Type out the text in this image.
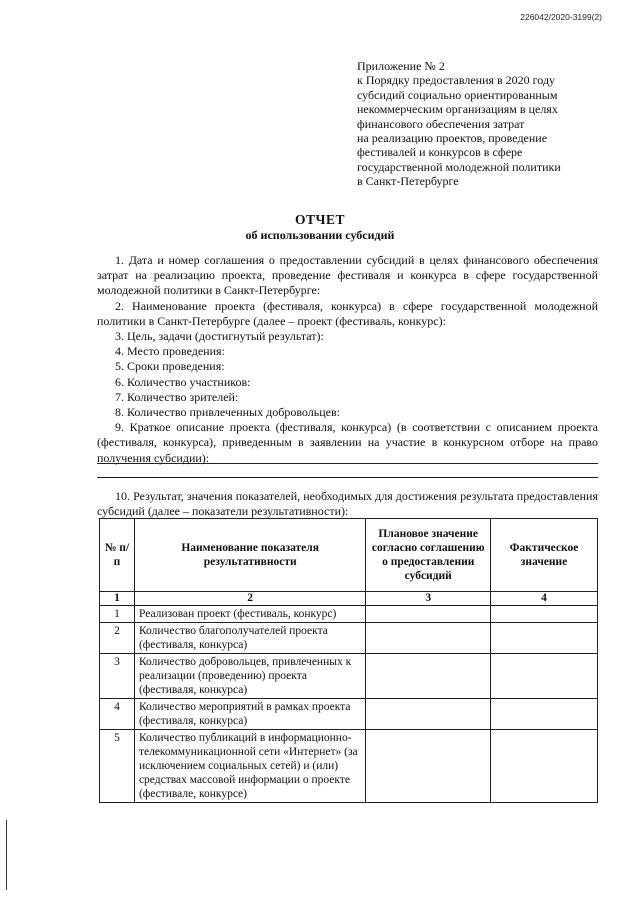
226042/2020-3199(2)
Приложение № 2
к Порядку предоставления в 2020 году
субсидий социально ориентированным
некоммерческим организациям в целях
финансового обеспечения затрат
на реализацию проектов, проведение
фестивалей и конкурсов в сфере
государственной молодежной политики
в Санкт-Петербурге
ОТЧЕТ
об использовании субсидий

1. Дата и номер соглашения о предоставлении субсидий в целях финансового обеспечения затрат на реализацию проекта, проведение фестиваля и конкурса в сфере государственной молодежной политики в Санкт-Петербурге:

2. Наименование проекта (фестиваля, конкурса) в сфере государственной молодежной политики в Санкт-Петербурге (далее – проект (фестиваль, конкурс):

3. Цель, задачи (достигнутый результат):

4. Место проведения:

5. Сроки проведения:

6. Количество участников:

7. Количество зрителей:

8. Количество привлеченных добровольцев:

9. Краткое описание проекта (фестиваля, конкурса) (в соответствии с описанием проекта (фестиваля, конкурса), приведенным в заявлении на участие в конкурсном отборе на право получения субсидии):

10. Результат, значения показателей, необходимых для достижения результата предоставления субсидий (далее – показатели результативности):

№ п/п	Наименование показателя результативности	Плановое значение согласно соглашению о предоставлении субсидий	Фактическое значение
1	2	3	4
1	Реализован проект (фестиваль, конкурс)		
2	Количество благополучателей проекта (фестиваля, конкурса)		
3	Количество добровольцев, привлеченных к реализации (проведению) проекта (фестиваля, конкурса)		
4	Количество мероприятий в рамках проекта (фестиваля, конкурса)		
5	Количество публикаций в информационно-телекоммуникационной сети «Интернет» (за исключением социальных сетей) и (или) средствах массовой информации о проекте (фестивале, конкурсе)		
